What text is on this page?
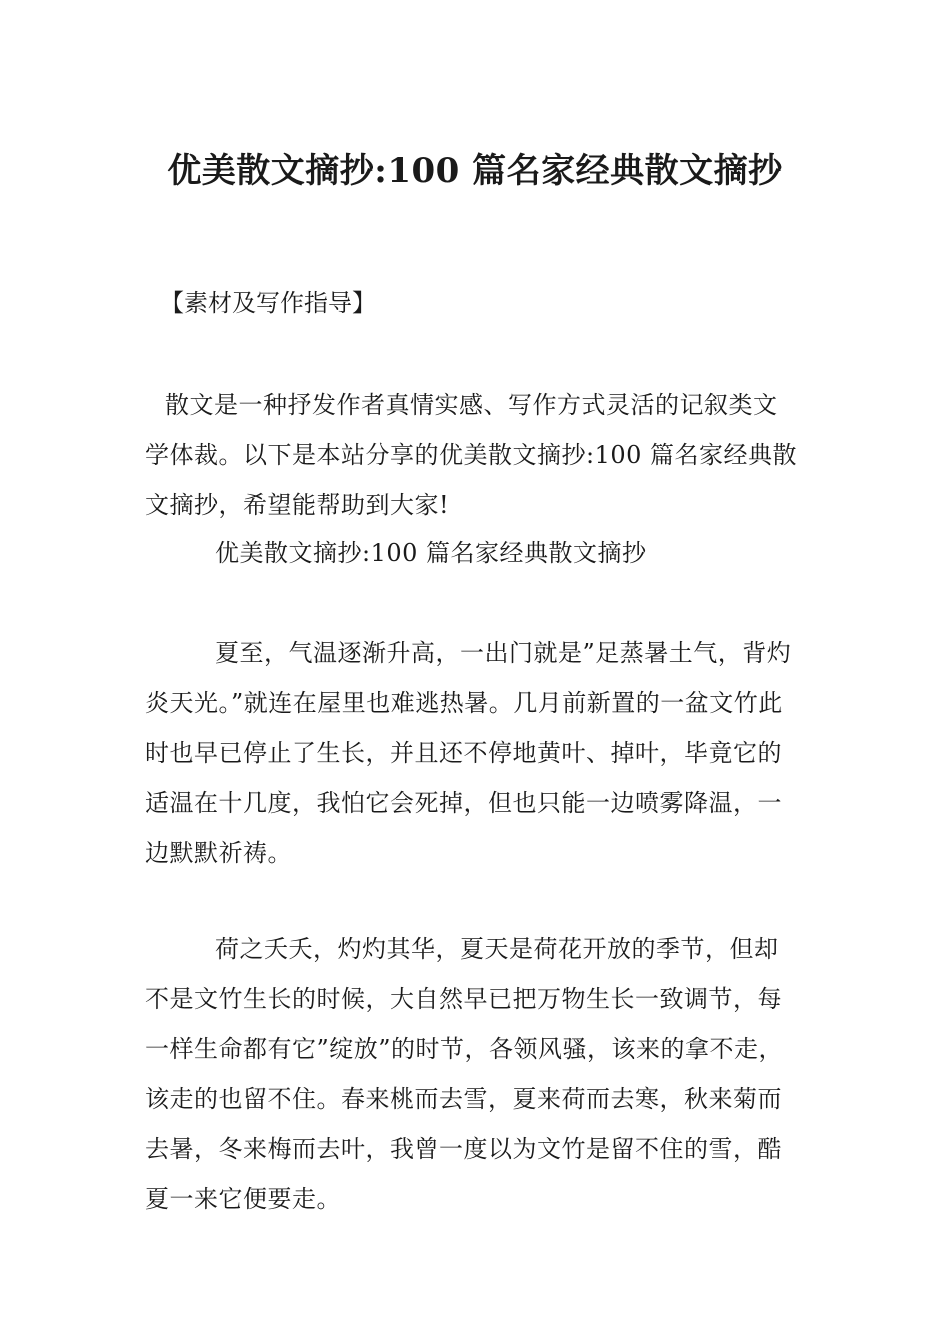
优美散文摘抄:100 篇名家经典散文摘抄
【素材及写作指导】
散文是一种抒发作者真情实感、写作方式灵活的记叙类文
学体裁。以下是本站分享的优美散文摘抄:100 篇名家经典散
文摘抄，希望能帮助到大家!
优美散文摘抄:100 篇名家经典散文摘抄
夏至，气温逐渐升高，一出门就是”足蒸暑土气，背灼
炎天光。”就连在屋里也难逃热暑。几月前新置的一盆文竹此
时也早已停止了生长，并且还不停地黄叶、掉叶，毕竟它的
适温在十几度，我怕它会死掉，但也只能一边喷雾降温，一
边默默祈祷。
荷之夭夭，灼灼其华，夏天是荷花开放的季节，但却
不是文竹生长的时候，大自然早已把万物生长一致调节，每
一样生命都有它”绽放”的时节，各领风骚，该来的拿不走，
该走的也留不住。春来桃而去雪，夏来荷而去寒，秋来菊而
去暑，冬来梅而去叶，我曾一度以为文竹是留不住的雪，酷
夏一来它便要走。
